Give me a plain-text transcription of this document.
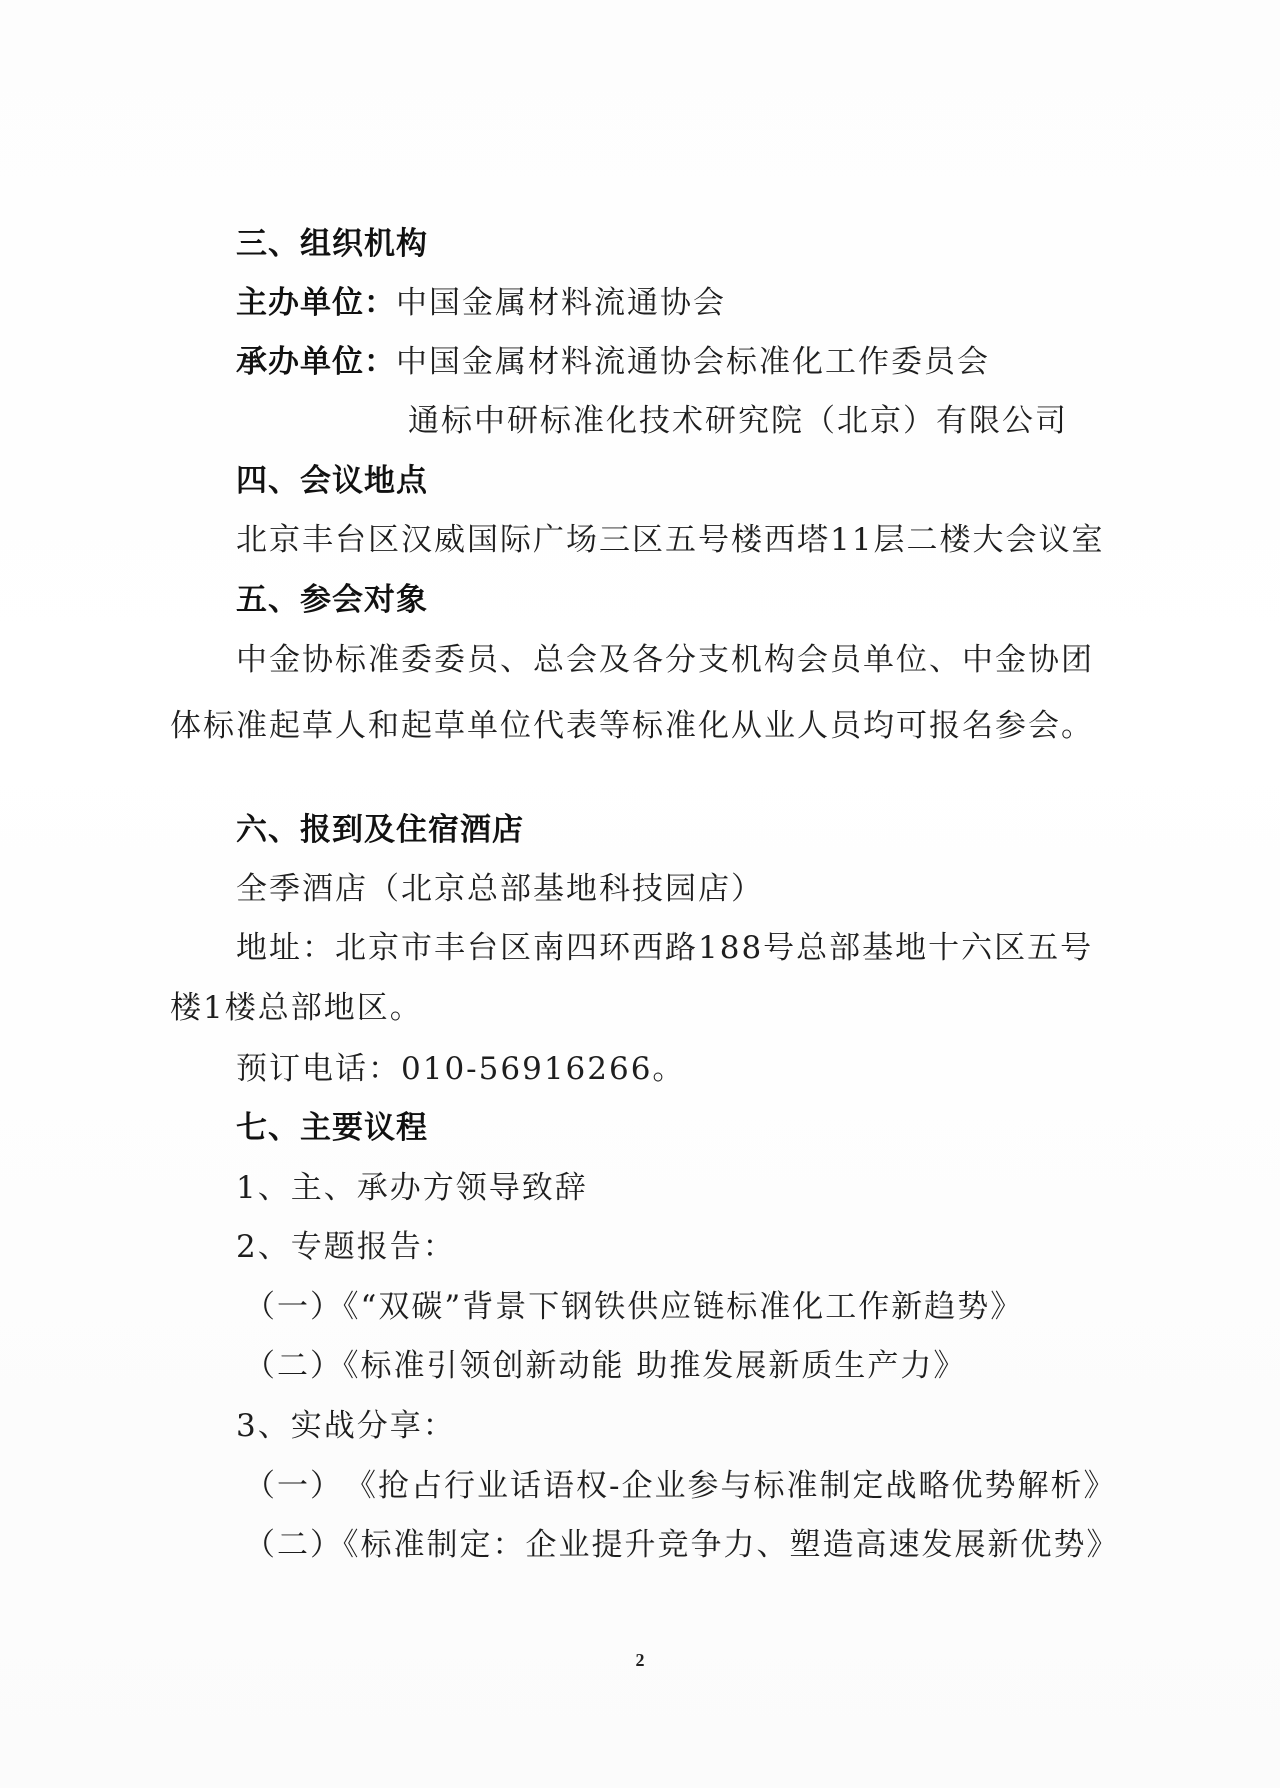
三、组织机构
主办单位：中国金属材料流通协会
承办单位：中国金属材料流通协会标准化工作委员会
通标中研标准化技术研究院（北京）有限公司
四、会议地点
北京丰台区汉威国际广场三区五号楼西塔11层二楼大会议室
五、参会对象
中金协标准委委员、总会及各分支机构会员单位、中金协团
体标准起草人和起草单位代表等标准化从业人员均可报名参会。
六、报到及住宿酒店
全季酒店（北京总部基地科技园店）
地址：北京市丰台区南四环西路188号总部基地十六区五号
楼1楼总部地区。
预订电话：010-56916266。
七、主要议程
1、主、承办方领导致辞
2、专题报告：
（一）《“双碳”背景下钢铁供应链标准化工作新趋势》
（二）《标准引领创新动能 助推发展新质生产力》
3、实战分享：
（一）　《抢占行业话语权-企业参与标准制定战略优势解析》
（二）《标准制定：企业提升竞争力、塑造高速发展新优势》
2
